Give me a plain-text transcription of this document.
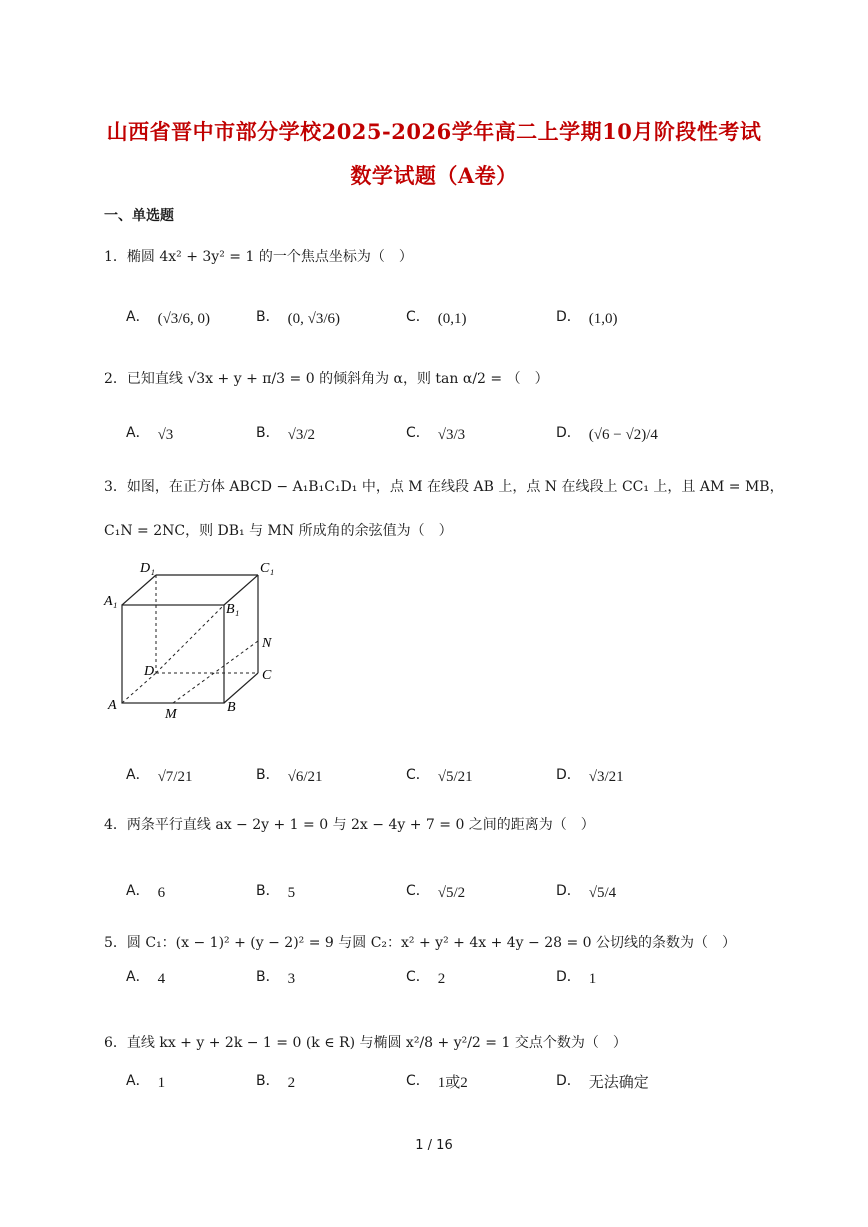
山西省晋中市部分学校2025-2026学年高二上学期10月阶段性考试
数学试题（A卷）
一、单选题
1．椭圆 4x² + 3y² = 1 的一个焦点坐标为（　）
A． (√3/6, 0)	B． (0, √3/6)	C． (0,1)	D． (1,0)
2．已知直线 √3x + y + π/3 = 0 的倾斜角为 α，则 tan α/2 = （　）
A． √3	B． √3/2	C． √3/3	D． (√6 − √2)/4
3．如图，在正方体 ABCD − A₁B₁C₁D₁ 中，点 M 在线段 AB 上，点 N 在线段上 CC₁ 上，且 AM = MB，
C₁N = 2NC，则 DB₁ 与 MN 所成角的余弦值为（　）
D₁	C₁
A₁
B₁
N
D	C
A
M	B
A． √7/21	B． √6/21	C． √5/21	D． √3/21
4．两条平行直线 ax − 2y + 1 = 0 与 2x − 4y + 7 = 0 之间的距离为（　）
A． 6	B． 5	C． √5/2	D． √5/4
5．圆 C₁：(x − 1)² + (y − 2)² = 9 与圆 C₂：x² + y² + 4x + 4y − 28 = 0 公切线的条数为（　）
A． 4	B． 3	C． 2	D． 1
6．直线 kx + y + 2k − 1 = 0 (k ∈ R) 与椭圆 x²/8 + y²/2 = 1 交点个数为（　）
A． 1	B． 2	C． 1或2	D． 无法确定
1 / 16
